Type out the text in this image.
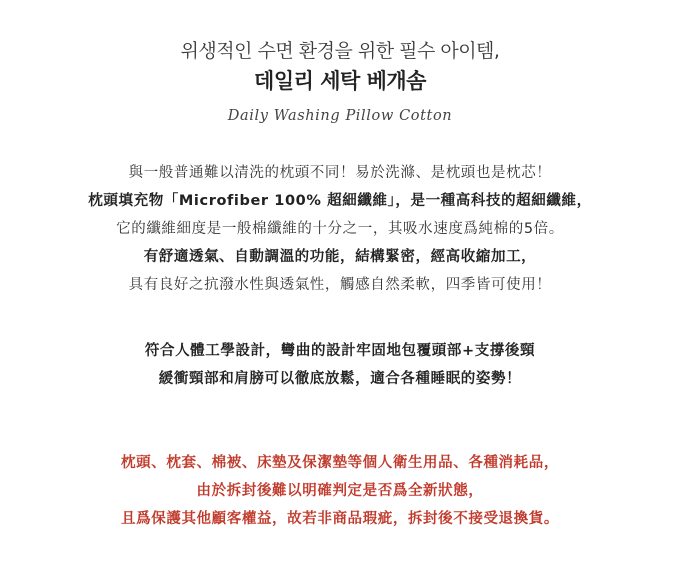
위생적인 수면 환경을 위한 필수 아이템,
데일리 세탁 베개솜
Daily Washing Pillow Cotton
與一般普通難以清洗的枕頭不同！易於洗滌、是枕頭也是枕芯！
枕頭填充物「Microfiber 100% 超細纖維」，是一種高科技的超細纖維，
它的纖維細度是一般棉纖維的十分之一，其吸水速度爲純棉的5倍。
有舒適透氣、自動調溫的功能，結構緊密，經高收縮加工，
具有良好之抗潑水性與透氣性，觸感自然柔軟，四季皆可使用！
符合人體工學設計，彎曲的設計牢固地包覆頭部+支撐後頸
緩衝頸部和肩膀可以徹底放鬆，適合各種睡眠的姿勢！
枕頭、枕套、棉被、床墊及保潔墊等個人衛生用品、各種消耗品，
由於拆封後難以明確判定是否爲全新狀態，
且爲保護其他顧客權益，故若非商品瑕疵，拆封後不接受退換貨。
